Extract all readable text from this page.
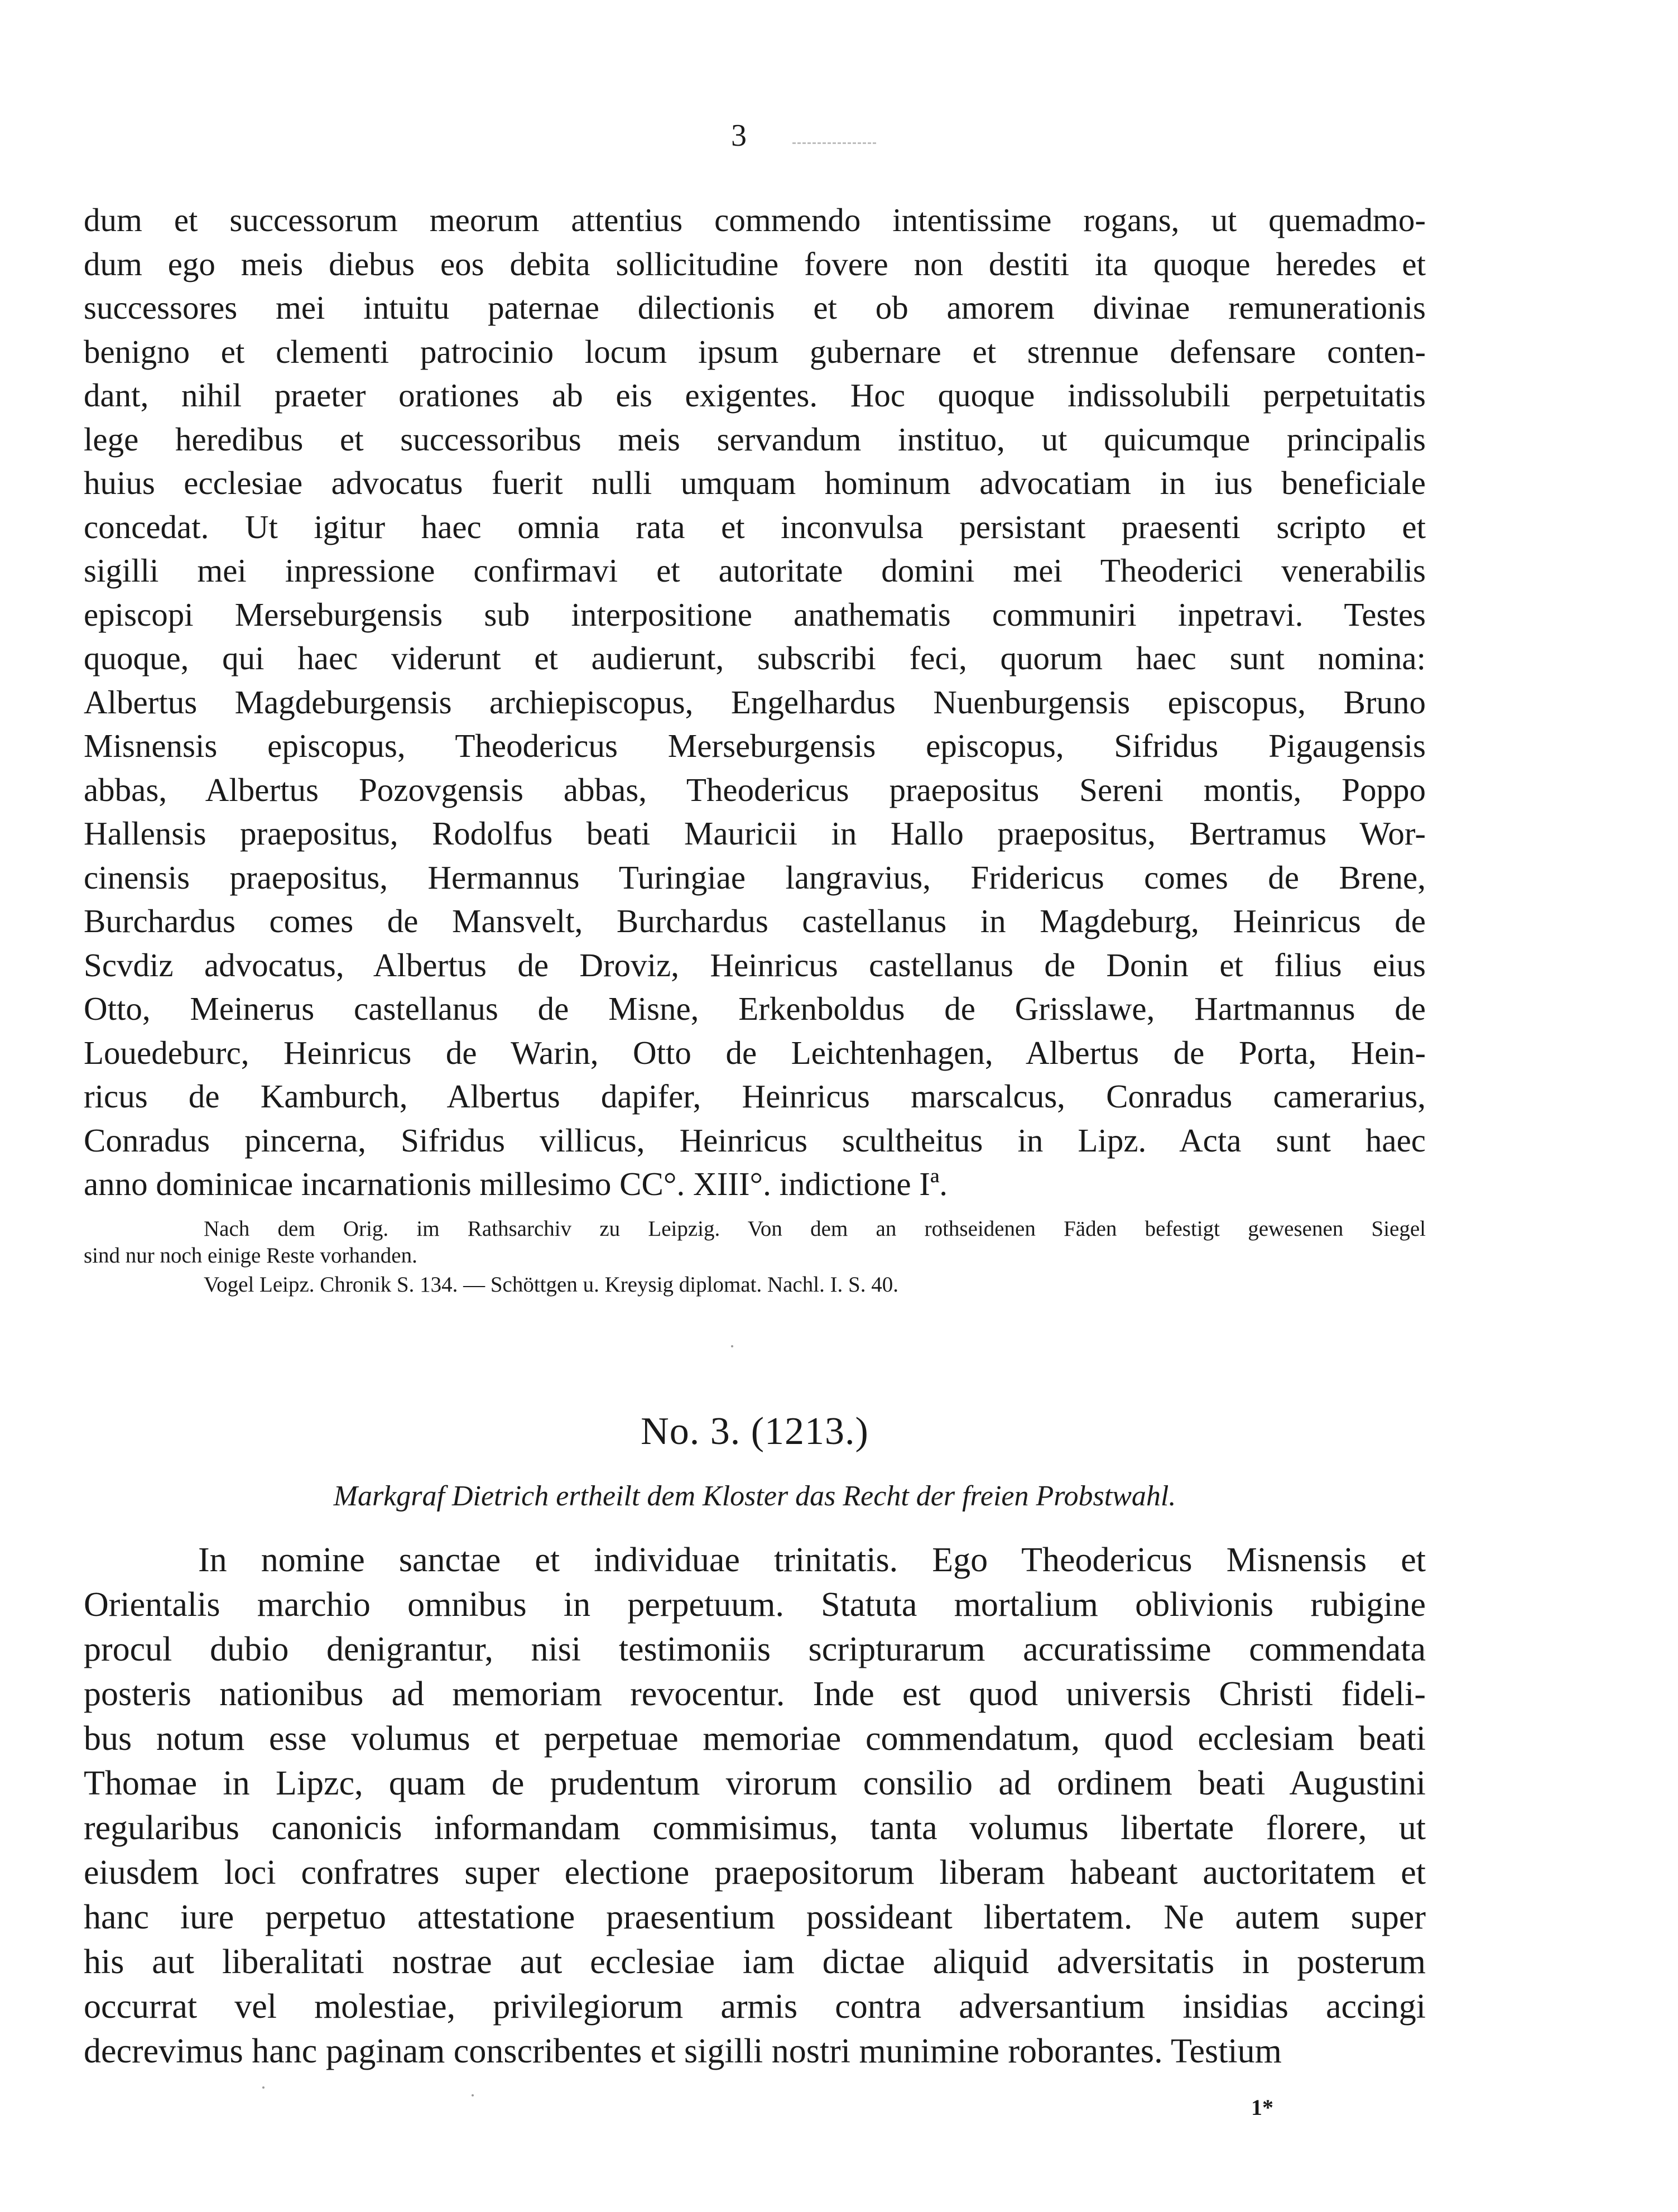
3

dum et successorum meorum attentius commendo intentissime rogans, ut quemadmo-
dum ego meis diebus eos debita sollicitudine fovere non destiti ita quoque heredes et
successores mei intuitu paternae dilectionis et ob amorem divinae remunerationis
benigno et clementi patrocinio locum ipsum gubernare et strennue defensare conten-
dant, nihil praeter orationes ab eis exigentes. Hoc quoque indissolubili perpetuitatis
lege heredibus et successoribus meis servandum instituo, ut quicumque principalis
huius ecclesiae advocatus fuerit nulli umquam hominum advocatiam in ius beneficiale
concedat. Ut igitur haec omnia rata et inconvulsa persistant praesenti scripto et
sigilli mei inpressione confirmavi et autoritate domini mei Theoderici venerabilis
episcopi Merseburgensis sub interpositione anathematis communiri inpetravi. Testes
quoque, qui haec viderunt et audierunt, subscribi feci, quorum haec sunt nomina:
Albertus Magdeburgensis archiepiscopus, Engelhardus Nuenburgensis episcopus, Bruno
Misnensis episcopus, Theodericus Merseburgensis episcopus, Sifridus Pigaugensis
abbas, Albertus Pozovgensis abbas, Theodericus praepositus Sereni montis, Poppo
Hallensis praepositus, Rodolfus beati Mauricii in Hallo praepositus, Bertramus Wor-
cinensis praepositus, Hermannus Turingiae langravius, Fridericus comes de Brene,
Burchardus comes de Mansvelt, Burchardus castellanus in Magdeburg, Heinricus de
Scvdiz advocatus, Albertus de Droviz, Heinricus castellanus de Donin et filius eius
Otto, Meinerus castellanus de Misne, Erkenboldus de Grisslawe, Hartmannus de
Louedeburc, Heinricus de Warin, Otto de Leichtenhagen, Albertus de Porta, Hein-
ricus de Kamburch, Albertus dapifer, Heinricus marscalcus, Conradus camerarius,
Conradus pincerna, Sifridus villicus, Heinricus scultheitus in Lipz. Acta sunt haec
anno dominicae incarnationis millesimo CC°. XIII°. indictione Iª.

Nach dem Orig. im Rathsarchiv zu Leipzig. Von dem an rothseidenen Fäden befestigt gewesenen Siegel
sind nur noch einige Reste vorhanden.
Vogel Leipz. Chronik S. 134. — Schöttgen u. Kreysig diplomat. Nachl. I. S. 40.
No. 3. (1213.)
Markgraf Dietrich ertheilt dem Kloster das Recht der freien Probstwahl.

In nomine sanctae et individuae trinitatis. Ego Theodericus Misnensis et
Orientalis marchio omnibus in perpetuum. Statuta mortalium oblivionis rubigine
procul dubio denigrantur, nisi testimoniis scripturarum accuratissime commendata
posteris nationibus ad memoriam revocentur. Inde est quod universis Christi fideli-
bus notum esse volumus et perpetuae memoriae commendatum, quod ecclesiam beati
Thomae in Lipzc, quam de prudentum virorum consilio ad ordinem beati Augustini
regularibus canonicis informandam commisimus, tanta volumus libertate florere, ut
eiusdem loci confratres super electione praepositorum liberam habeant auctoritatem et
hanc iure perpetuo attestatione praesentium possideant libertatem. Ne autem super
his aut liberalitati nostrae aut ecclesiae iam dictae aliquid adversitatis in posterum
occurrat vel molestiae, privilegiorum armis contra adversantium insidias accingi
decrevimus hanc paginam conscribentes et sigilli nostri munimine roborantes. Testium

1*
